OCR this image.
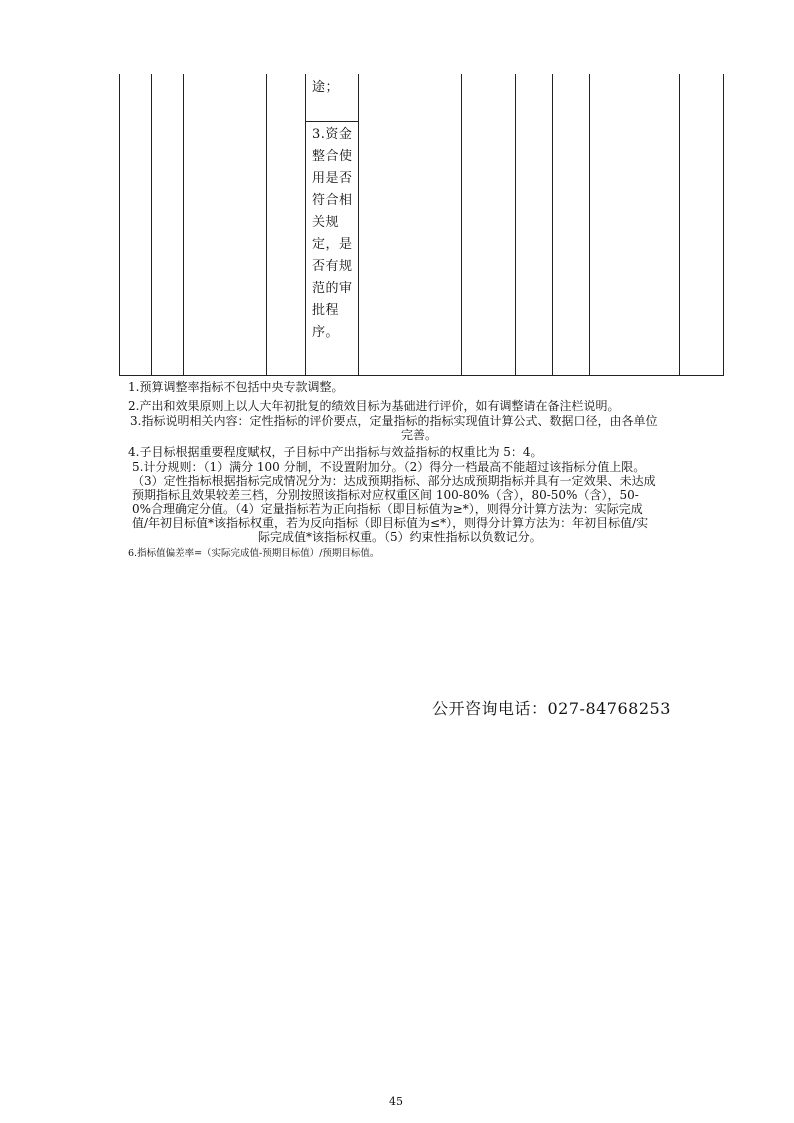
途；
3.资金整合使用是否符合相关规定，是否有规范的审批程序。
1.预算调整率指标不包括中央专款调整。
2.产出和效果原则上以人大年初批复的绩效目标为基础进行评价，如有调整请在备注栏说明。
3.指标说明相关内容：定性指标的评价要点，定量指标的指标实现值计算公式、数据口径，由各单位
完善。
4.子目标根据重要程度赋权，子目标中产出指标与效益指标的权重比为 5：4。
5.计分规则：（1）满分 100 分制，不设置附加分。（2）得分一档最高不能超过该指标分值上限。
（3）定性指标根据指标完成情况分为：达成预期指标、部分达成预期指标并具有一定效果、未达成
预期指标且效果较差三档，分别按照该指标对应权重区间 100-80%（含），80-50%（含），50-
0%合理确定分值。（4）定量指标若为正向指标（即目标值为≥*），则得分计算方法为：实际完成
值/年初目标值*该指标权重，若为反向指标（即目标值为≤*），则得分计算方法为：年初目标值/实
际完成值*该指标权重。（5）约束性指标以负数记分。
6.指标值偏差率=（实际完成值-预期目标值）/预期目标值。
公开咨询电话：027-84768253
45
